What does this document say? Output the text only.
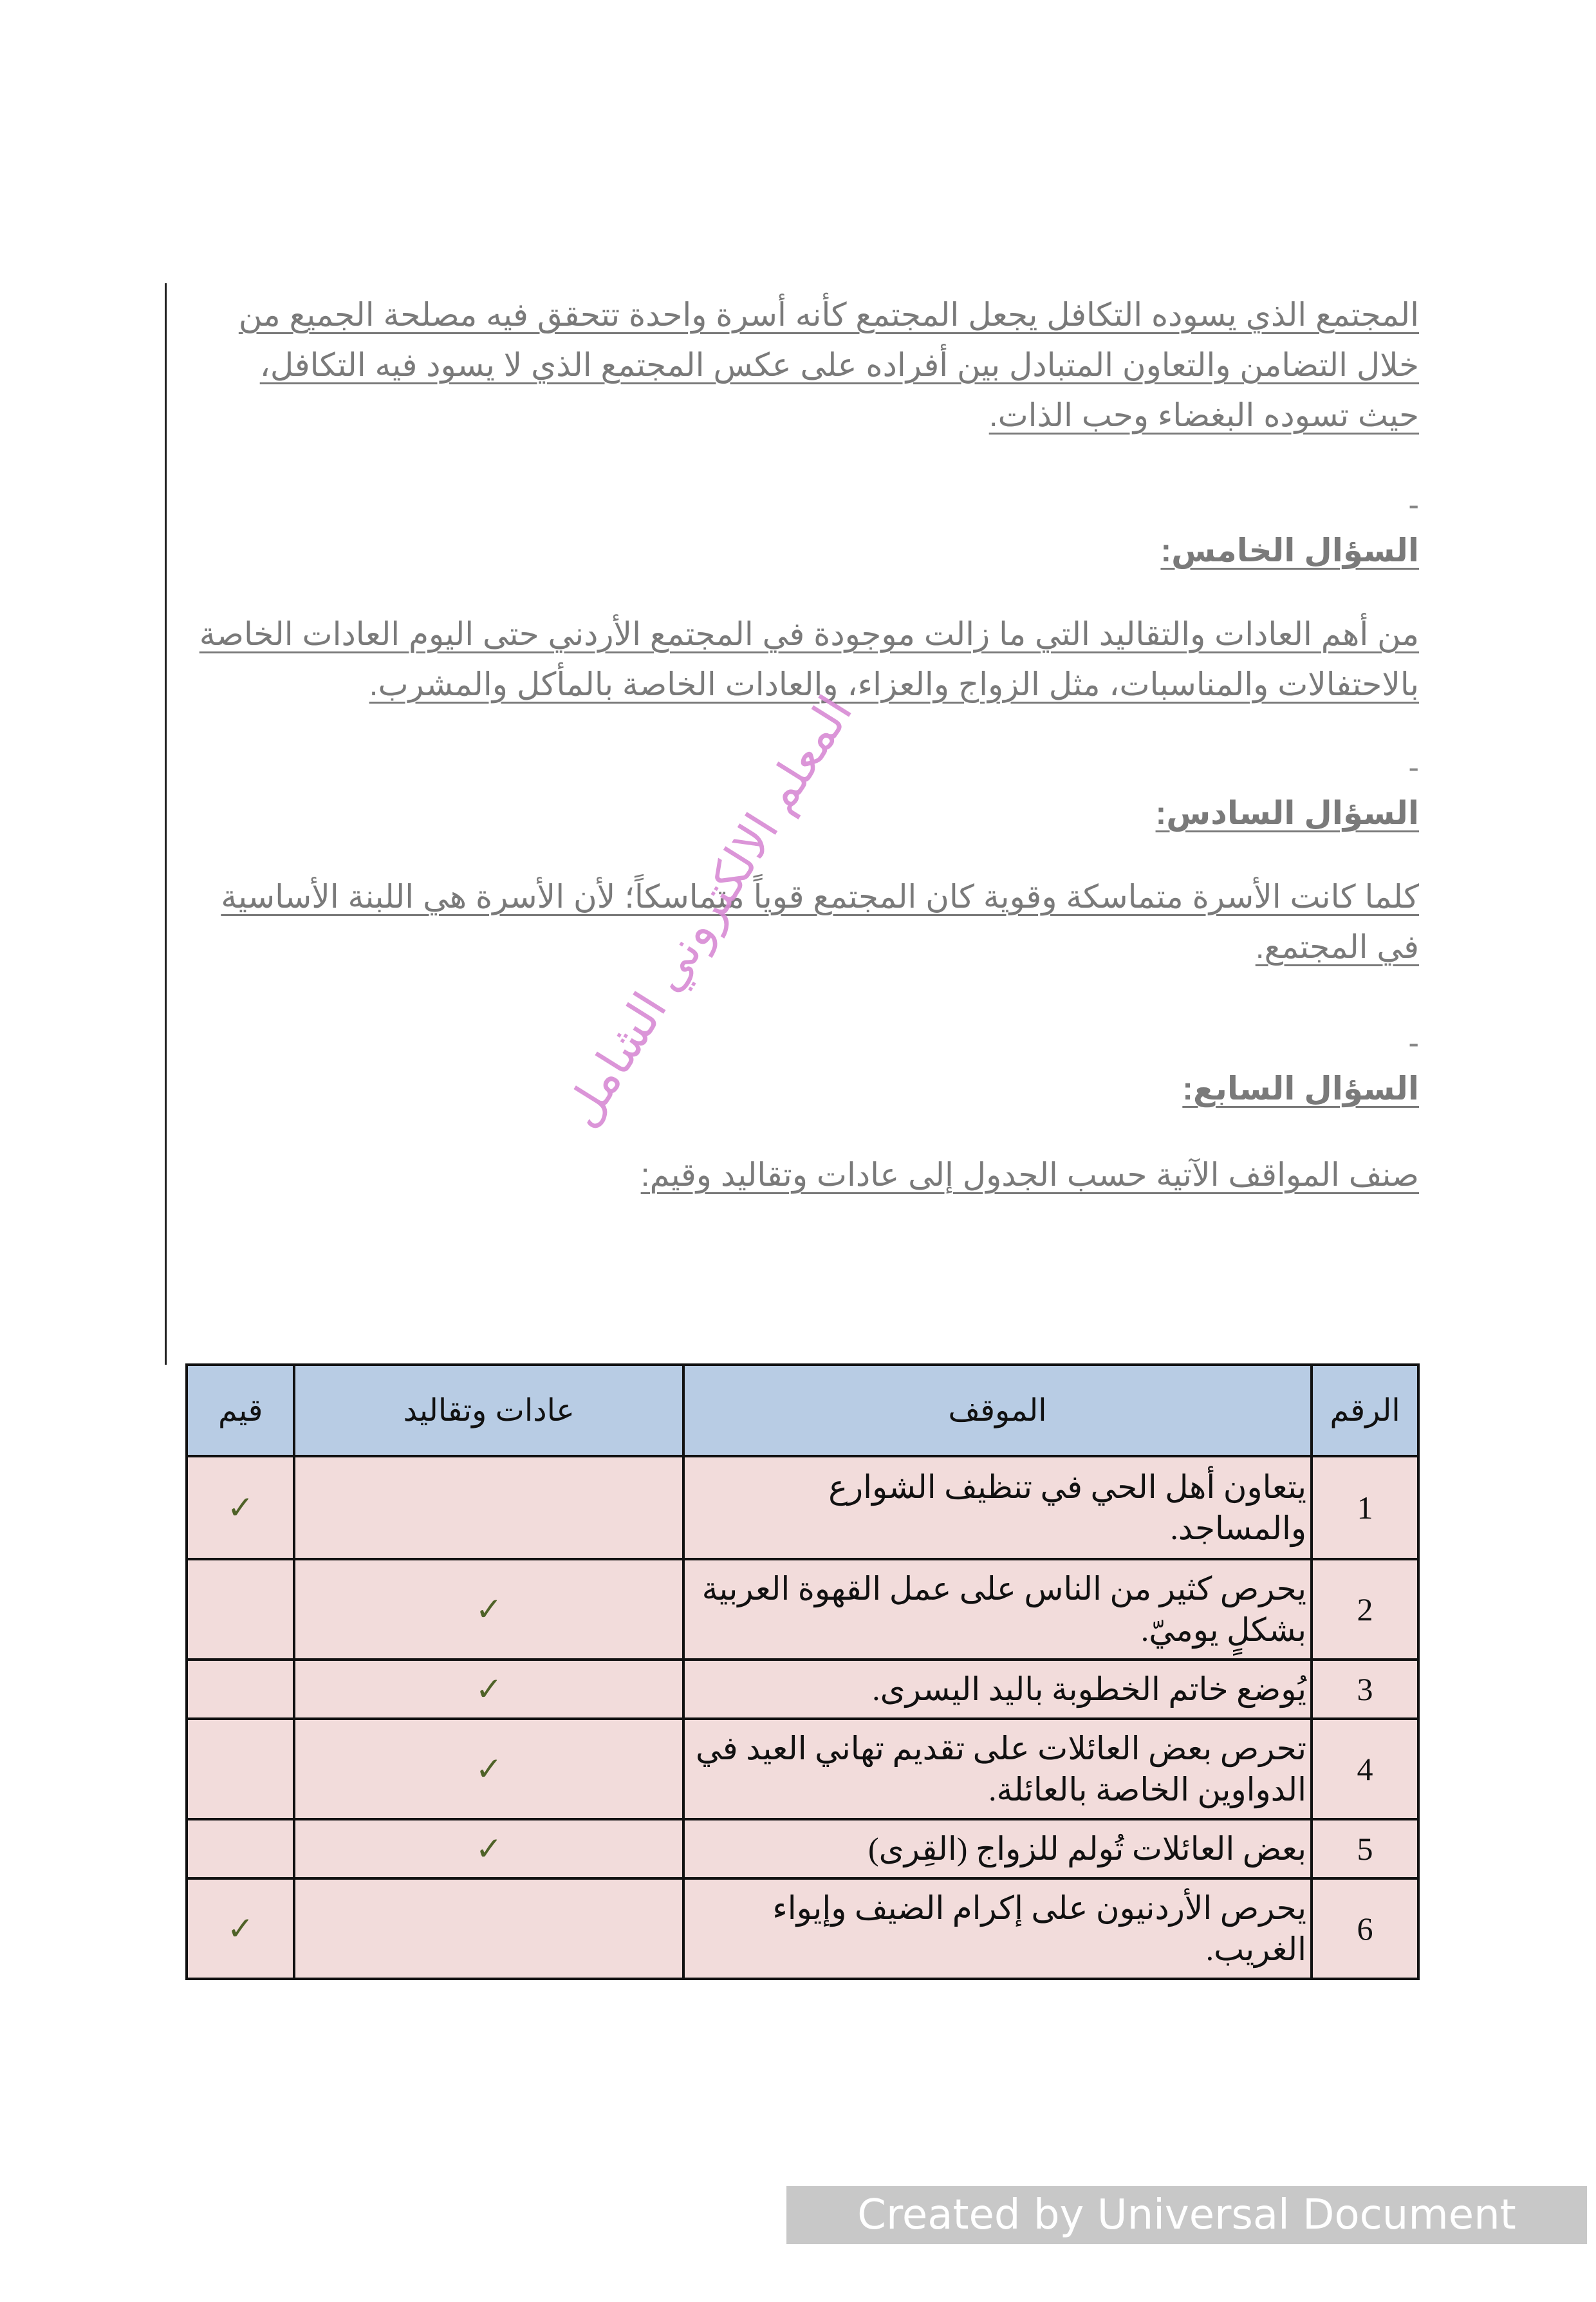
المجتمع الذي يسوده التكافل يجعل المجتمع كأنه أسرة واحدة تتحقق فيه مصلحة الجميع من خلال التضامن والتعاون المتبادل بين أفراده على عكس المجتمع الذي لا يسود فيه التكافل، حيث تسوده البغضاء وحب الذات.

-

السؤال الخامس:

من أهم العادات والتقاليد التي ما زالت موجودة في المجتمع الأردني حتى اليوم العادات الخاصة بالاحتفالات والمناسبات، مثل الزواج والعزاء، والعادات الخاصة بالمأكل والمشرب.

-

السؤال السادس:

كلما كانت الأسرة متماسكة وقوية كان المجتمع قوياً متماسكاً؛ لأن الأسرة هي اللبنة الأساسية في المجتمع.

-

السؤال السابع:

صنف المواقف الآتية حسب الجدول إلى عادات وتقاليد وقيم:

المعلم الالكتروني الشامل
الرقم	الموقف	عادات وتقاليد	قيم
1	يتعاون أهل الحي في تنظيف الشوارع والمساجد.		✓
2	يحرص كثير من الناس على عمل القهوة العربية بشكلٍ يوميّ.	✓	
3	يُوضع خاتم الخطوبة باليد اليسرى.	✓	
4	تحرص بعض العائلات على تقديم تهاني العيد في الدواوين الخاصة بالعائلة.	✓	
5	بعض العائلات تُولم للزواج (القِرى)	✓	
6	يحرص الأردنيون على إكرام الضيف وإيواء الغريب.		✓
Created by Universal Document Converter
